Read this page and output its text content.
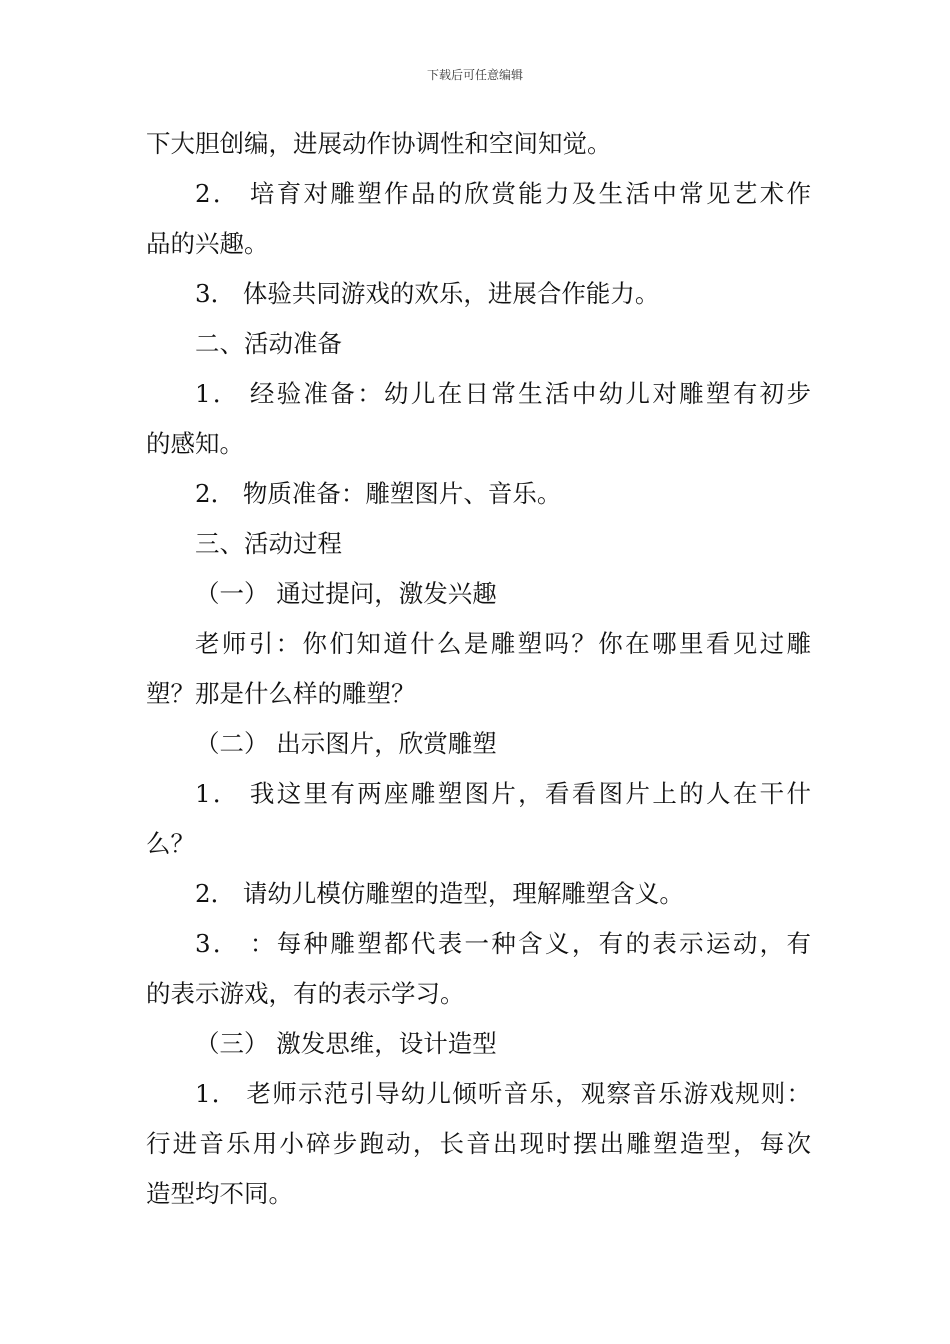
下载后可任意编辑
下大胆创编，进展动作协调性和空间知觉。
2． 培育对雕塑作品的欣赏能力及生活中常见艺术作
品的兴趣。
3． 体验共同游戏的欢乐，进展合作能力。
二、活动准备
1． 经验准备：幼儿在日常生活中幼儿对雕塑有初步
的感知。
2． 物质准备：雕塑图片、音乐。
三、活动过程
（一） 通过提问，激发兴趣
老师引：你们知道什么是雕塑吗？你在哪里看见过雕
塑？那是什么样的雕塑？
（二） 出示图片，欣赏雕塑
1． 我这里有两座雕塑图片，看看图片上的人在干什
么？
2． 请幼儿模仿雕塑的造型，理解雕塑含义。
3． ：每种雕塑都代表一种含义，有的表示运动，有
的表示游戏，有的表示学习。
（三） 激发思维，设计造型
1． 老师示范引导幼儿倾听音乐，观察音乐游戏规则：
行进音乐用小碎步跑动，长音出现时摆出雕塑造型，每次
造型均不同。
